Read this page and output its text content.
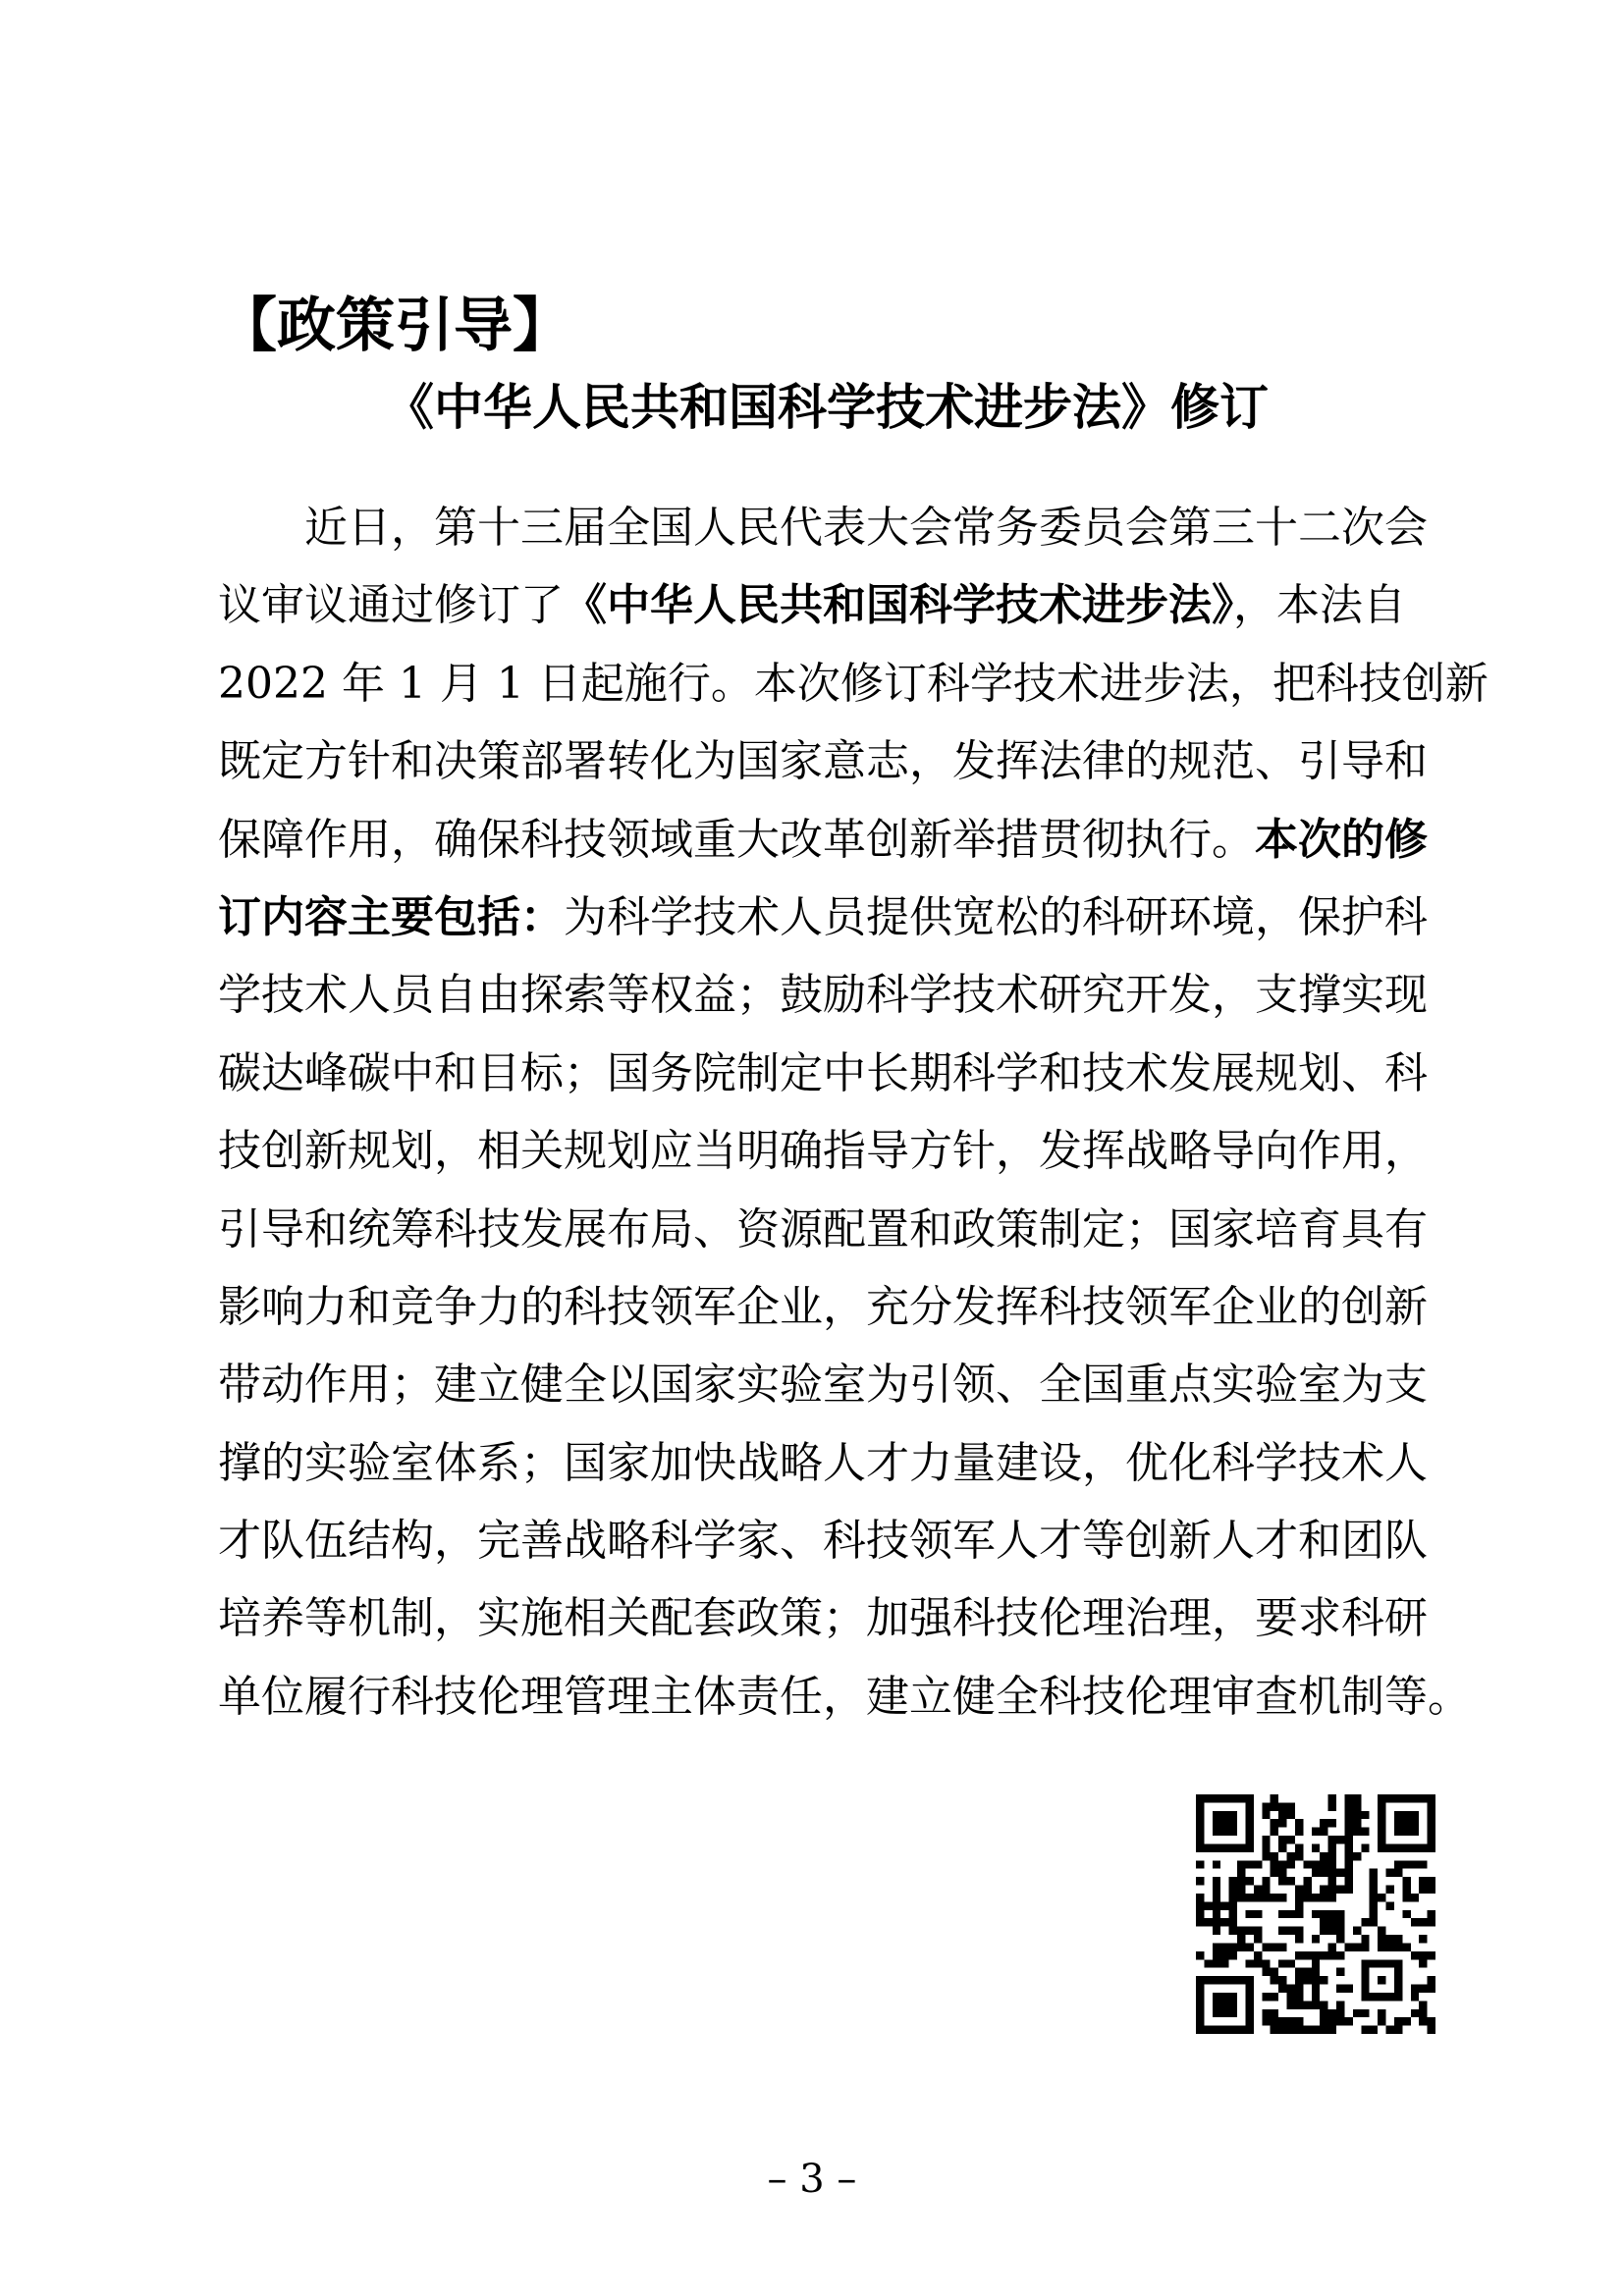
【政策引导】
《中华人民共和国科学技术进步法》修订
近日，第十三届全国人民代表大会常务委员会第三十二次会
议审议通过修订了《中华人民共和国科学技术进步法》，本法自
2022 年 1 月 1 日起施行。本次修订科学技术进步法，把科技创新
既定方针和决策部署转化为国家意志，发挥法律的规范、引导和
保障作用，确保科技领域重大改革创新举措贯彻执行。本次的修
订内容主要包括：为科学技术人员提供宽松的科研环境，保护科
学技术人员自由探索等权益；鼓励科学技术研究开发，支撑实现
碳达峰碳中和目标；国务院制定中长期科学和技术发展规划、科
技创新规划，相关规划应当明确指导方针，发挥战略导向作用，
引导和统筹科技发展布局、资源配置和政策制定；国家培育具有
影响力和竞争力的科技领军企业，充分发挥科技领军企业的创新
带动作用；建立健全以国家实验室为引领、全国重点实验室为支
撑的实验室体系；国家加快战略人才力量建设，优化科学技术人
才队伍结构，完善战略科学家、科技领军人才等创新人才和团队
培养等机制，实施相关配套政策；加强科技伦理治理，要求科研
单位履行科技伦理管理主体责任，建立健全科技伦理审查机制等。
– 3 –
